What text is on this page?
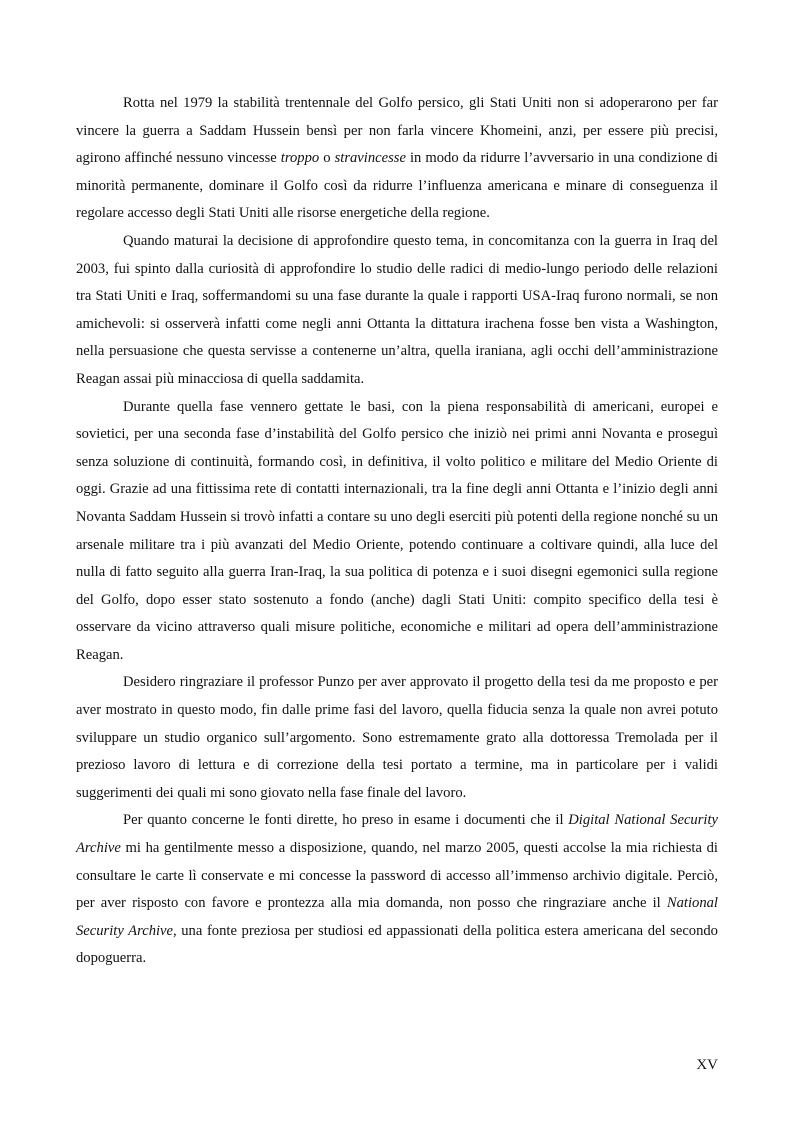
Rotta nel 1979 la stabilità trentennale del Golfo persico, gli Stati Uniti non si adoperarono per far vincere la guerra a Saddam Hussein bensì per non farla vincere Khomeini, anzi, per essere più precisi, agirono affinché nessuno vincesse troppo o stravincesse in modo da ridurre l’avversario in una condizione di minorità permanente, dominare il Golfo così da ridurre l’influenza americana e minare di conseguenza il regolare accesso degli Stati Uniti alle risorse energetiche della regione.

Quando maturai la decisione di approfondire questo tema, in concomitanza con la guerra in Iraq del 2003, fui spinto dalla curiosità di approfondire lo studio delle radici di medio-lungo periodo delle relazioni tra Stati Uniti e Iraq, soffermandomi su una fase durante la quale i rapporti USA-Iraq furono normali, se non amichevoli: si osserverà infatti come negli anni Ottanta la dittatura irachena fosse ben vista a Washington, nella persuasione che questa servisse a contenerne un’altra, quella iraniana, agli occhi dell’amministrazione Reagan assai più minacciosa di quella saddamita.

Durante quella fase vennero gettate le basi, con la piena responsabilità di americani, europei e sovietici, per una seconda fase d’instabilità del Golfo persico che iniziò nei primi anni Novanta e proseguì senza soluzione di continuità, formando così, in definitiva, il volto politico e militare del Medio Oriente di oggi. Grazie ad una fittissima rete di contatti internazionali, tra la fine degli anni Ottanta e l’inizio degli anni Novanta Saddam Hussein si trovò infatti a contare su uno degli eserciti più potenti della regione nonché su un arsenale militare tra i più avanzati del Medio Oriente, potendo continuare a coltivare quindi, alla luce del nulla di fatto seguito alla guerra Iran-Iraq, la sua politica di potenza e i suoi disegni egemonici sulla regione del Golfo, dopo esser stato sostenuto a fondo (anche) dagli Stati Uniti: compito specifico della tesi è osservare da vicino attraverso quali misure politiche, economiche e militari ad opera dell’amministrazione Reagan.

Desidero ringraziare il professor Punzo per aver approvato il progetto della tesi da me proposto e per aver mostrato in questo modo, fin dalle prime fasi del lavoro, quella fiducia senza la quale non avrei potuto sviluppare un studio organico sull’argomento. Sono estremamente grato alla dottoressa Tremolada per il prezioso lavoro di lettura e di correzione della tesi portato a termine, ma in particolare per i validi suggerimenti dei quali mi sono giovato nella fase finale del lavoro.

Per quanto concerne le fonti dirette, ho preso in esame i documenti che il Digital National Security Archive mi ha gentilmente messo a disposizione, quando, nel marzo 2005, questi accolse la mia richiesta di consultare le carte lì conservate e mi concesse la password di accesso all’immenso archivio digitale. Perciò, per aver risposto con favore e prontezza alla mia domanda, non posso che ringraziare anche il National Security Archive, una fonte preziosa per studiosi ed appassionati della politica estera americana del secondo dopoguerra.

XV
